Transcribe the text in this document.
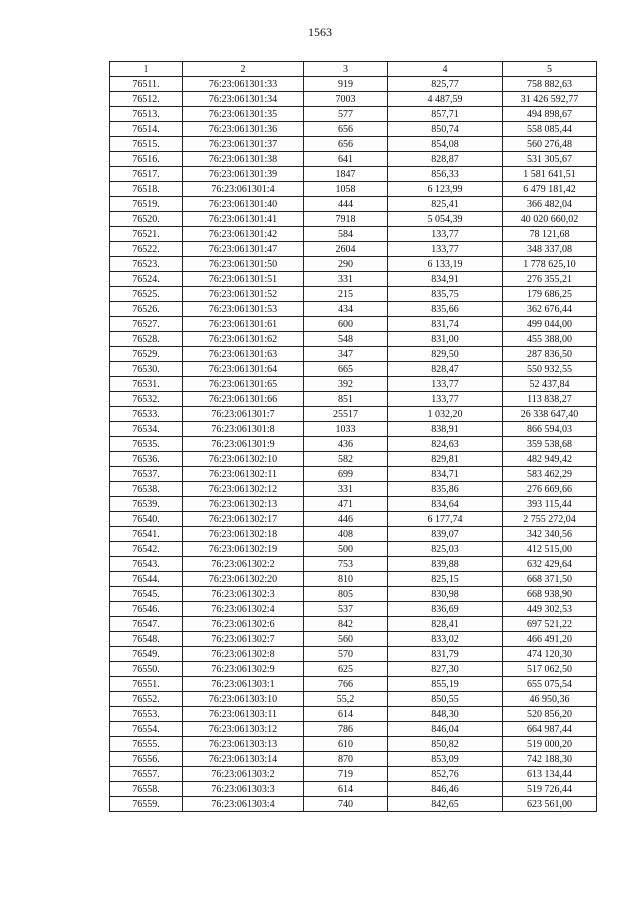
1563
1	2	3	4	5
76511.	76:23:061301:33	919	825,77	758 882,63
76512.	76:23:061301:34	7003	4 487,59	31 426 592,77
76513.	76:23:061301:35	577	857,71	494 898,67
76514.	76:23:061301:36	656	850,74	558 085,44
76515.	76:23:061301:37	656	854,08	560 276,48
76516.	76:23:061301:38	641	828,87	531 305,67
76517.	76:23:061301:39	1847	856,33	1 581 641,51
76518.	76:23:061301:4	1058	6 123,99	6 479 181,42
76519.	76:23:061301:40	444	825,41	366 482,04
76520.	76:23:061301:41	7918	5 054,39	40 020 660,02
76521.	76:23:061301:42	584	133,77	78 121,68
76522.	76:23:061301:47	2604	133,77	348 337,08
76523.	76:23:061301:50	290	6 133,19	1 778 625,10
76524.	76:23:061301:51	331	834,91	276 355,21
76525.	76:23:061301:52	215	835,75	179 686,25
76526.	76:23:061301:53	434	835,66	362 676,44
76527.	76:23:061301:61	600	831,74	499 044,00
76528.	76:23:061301:62	548	831,00	455 388,00
76529.	76:23:061301:63	347	829,50	287 836,50
76530.	76:23:061301:64	665	828,47	550 932,55
76531.	76:23:061301:65	392	133,77	52 437,84
76532.	76:23:061301:66	851	133,77	113 838,27
76533.	76:23:061301:7	25517	1 032,20	26 338 647,40
76534.	76:23:061301:8	1033	838,91	866 594,03
76535.	76:23:061301:9	436	824,63	359 538,68
76536.	76:23:061302:10	582	829,81	482 949,42
76537.	76:23:061302:11	699	834,71	583 462,29
76538.	76:23:061302:12	331	835,86	276 669,66
76539.	76:23:061302:13	471	834,64	393 115,44
76540.	76:23:061302:17	446	6 177,74	2 755 272,04
76541.	76:23:061302:18	408	839,07	342 340,56
76542.	76:23:061302:19	500	825,03	412 515,00
76543.	76:23:061302:2	753	839,88	632 429,64
76544.	76:23:061302:20	810	825,15	668 371,50
76545.	76:23:061302:3	805	830,98	668 938,90
76546.	76:23:061302:4	537	836,69	449 302,53
76547.	76:23:061302:6	842	828,41	697 521,22
76548.	76:23:061302:7	560	833,02	466 491,20
76549.	76:23:061302:8	570	831,79	474 120,30
76550.	76:23:061302:9	625	827,30	517 062,50
76551.	76:23:061303:1	766	855,19	655 075,54
76552.	76:23:061303:10	55,2	850,55	46 950,36
76553.	76:23:061303:11	614	848,30	520 856,20
76554.	76:23:061303:12	786	846,04	664 987,44
76555.	76:23:061303:13	610	850,82	519 000,20
76556.	76:23:061303:14	870	853,09	742 188,30
76557.	76:23:061303:2	719	852,76	613 134,44
76558.	76:23:061303:3	614	846,46	519 726,44
76559.	76:23:061303:4	740	842,65	623 561,00
